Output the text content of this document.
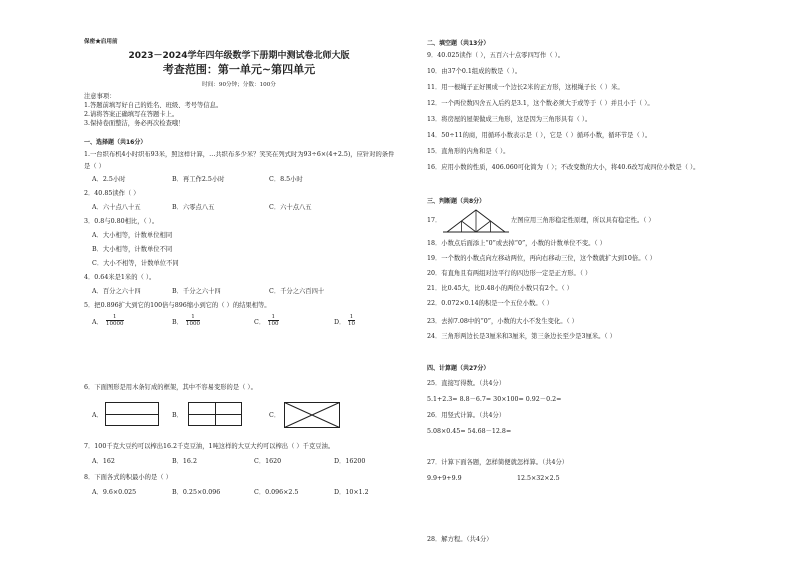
保密★启用前
2023－2024学年四年级数学下册期中测试卷北师大版
考查范围：第一单元~第四单元
时间：90分钟；分数：100分
注意事项：
1.答题前填写好自己的姓名、班级、考号等信息。
2.请将答案正确填写在答题卡上。
3.保持卷面整洁，务必再次检查哦！
一、选择题（共16分）
1.一台织布机4小时织布93米，照这样计算，…共织布多少米？笑笑在列式时为93÷6×(4+2.5)，应针对的条件
是（ ）
A．2.5小时	B．再工作2.5小时	C．8.5小时
2．40.85读作（ ）
A．六十点八十五	B．六零点八五	C．六十点八五
3．0.8与0.80相比，（ ）。
A．大小相等，计数单位相同
B．大小相等，计数单位不同
C．大小不相等，计数单位不同
4．0.64米是1米的（ ）。
A．百分之六十四	B．千分之六十四	C．千分之六百四十
5．把0.896扩大到它的100倍与896缩小到它的（ ）的结果相等。
A． $\frac{1}{10000}$	B． $\frac{1}{1000}$	C． $\frac{1}{100}$	D． $\frac{1}{10}$
6．下面图形是用木条钉成的框架，其中不容易变形的是（ ）。
A．	B．	C．
7．100千克大豆约可以榨出16.2千克豆油，1吨这样的大豆大约可以榨出（ ）千克豆油。
A．162	B．16.2	C．1620	D．16200
8．下面各式的积最小的是（ ）
A．9.6×0.025	B．0.25×0.096	C．0.096×2.5	D．10×1.2
二、填空题（共13分）
9．40.025读作（ ），五百六十点零四写作（ ）。
10．由37个0.1组成的数是（ ）。
11．用一根绳子正好围成一个边长2米的正方形，这根绳子长（ ）米。
12．一个两位数四舍五入后约是3.1，这个数必须大于或等于（ ）并且小于（ ）。
13．将房屋的屋架做成三角形，这是因为三角形具有（ ）。
14．50÷11的商，用循环小数表示是（ ），它是（ ）循环小数，循环节是（ ）。
15．直角形的内角和是（ ）。
16．应用小数的性质，406.060可化简为（ ）；不改变数的大小，将40.6改写成四位小数是（ ）。
三、判断题（共8分）
17．	左图应用三角形稳定性原理，所以具有稳定性。（ ）
18．小数点后面添上“0”或去掉“0”，小数的计数单位不变。（ ）
19．一个数的小数点向左移动两位，再向右移动三位，这个数就扩大到10倍。（ ）
20．有直角且有两组对边平行的四边形一定是正方形。（ ）
21．比0.45大，比0.48小的两位小数只有2个。（ ）
22．0.072×0.14的积是一个五位小数。（ ）
23．去掉7.08中的“0”，小数的大小不发生变化。（ ）
24．三角形两边长是3厘米和3厘米，第三条边长至少是3厘米。（ ）
四、计算题（共27分）
25．直接写得数。（共4分）
5.1+2.3= 8.8－6.7= 30×100= 0.92－0.2=
26．用竖式计算。（共4分）
5.08×0.45= 54.68－12.8=
27．计算下面各题，怎样简便就怎样算。（共4分）
9.9+9+9.9	12.5×32×2.5
28．解方程。（共4分）
